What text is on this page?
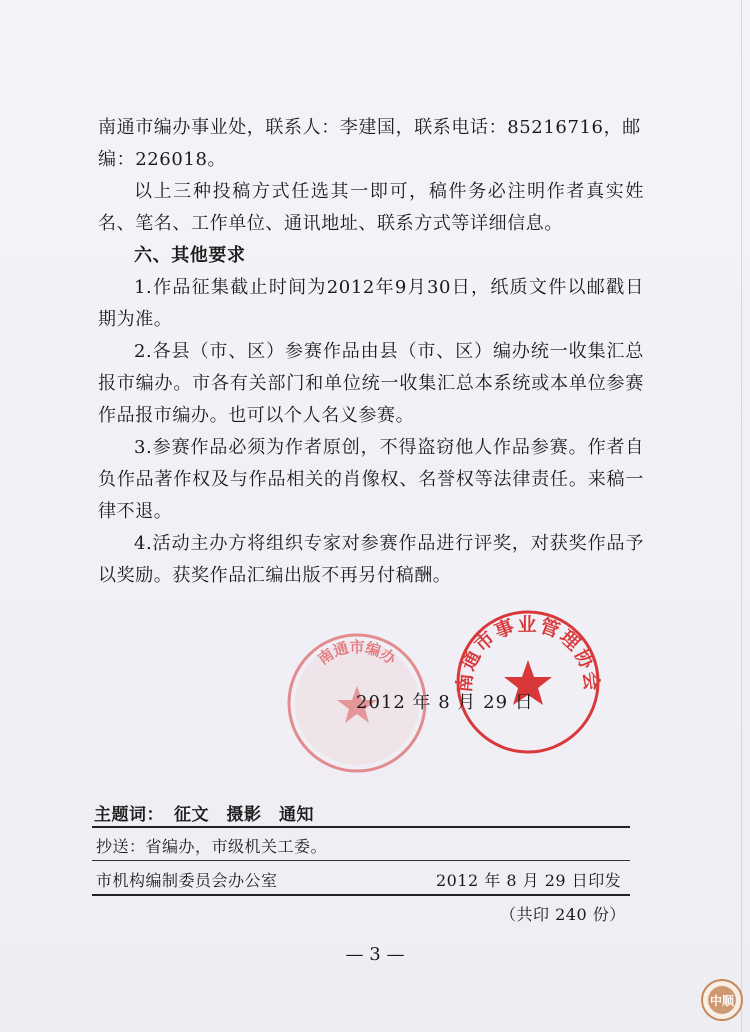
南通市编办事业处，联系人：李建国，联系电话：85216716，邮

编：226018。

以上三种投稿方式任选其一即可，稿件务必注明作者真实姓名、笔名、工作单位、通讯地址、联系方式等详细信息。

六、其他要求

1.作品征集截止时间为2012年9月30日，纸质文件以邮戳日期为准。

2.各县（市、区）参赛作品由县（市、区）编办统一收集汇总报市编办。市各有关部门和单位统一收集汇总本系统或本单位参赛作品报市编办。也可以个人名义参赛。

3.参赛作品必须为作者原创，不得盗窃他人作品参赛。作者自负作品著作权及与作品相关的肖像权、名誉权等法律责任。来稿一律不退。

4.活动主办方将组织专家对参赛作品进行评奖，对获奖作品予以奖励。获奖作品汇编出版不再另付稿酬。

南通市编办
南通市事业管理协会
2012 年 8 月 29 日
主题词： 征文　摄影　通知
抄送：省编办，市级机关工委。
市机构编制委员会办公室	2012 年 8 月 29 日印发
（共印 240 份）
— 3 —
中顺
